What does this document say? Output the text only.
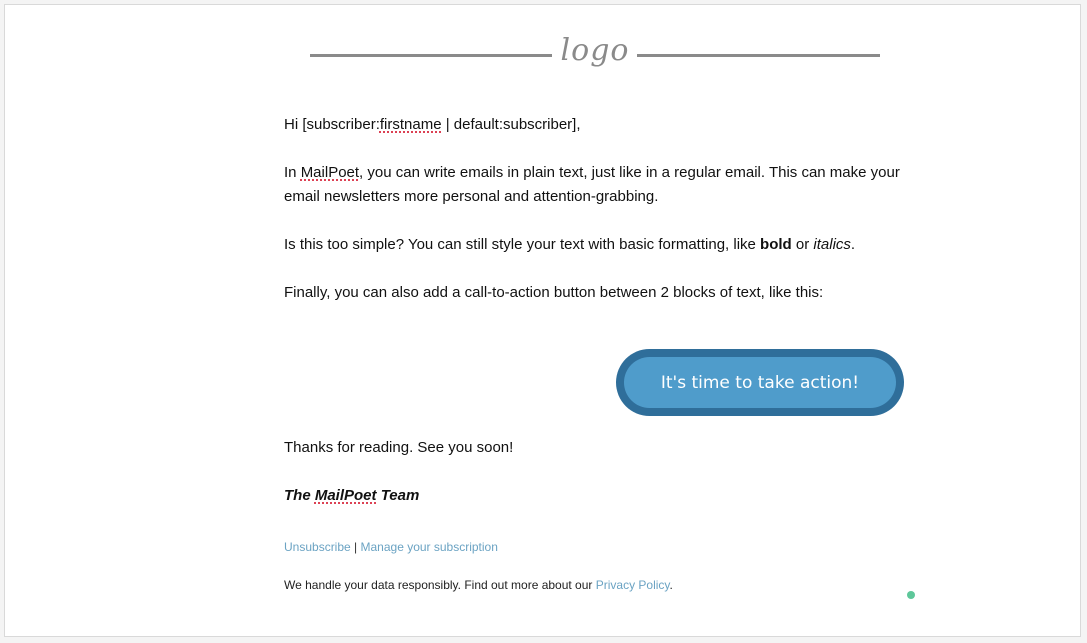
logo

Hi [subscriber:firstname | default:subscriber],

In MailPoet, you can write emails in plain text, just like in a regular email. This can make your email newsletters more personal and attention-grabbing.

Is this too simple? You can still style your text with basic formatting, like bold or italics.

Finally, you can also add a call-to-action button between 2 blocks of text, like this:

Thanks for reading. See you soon!

The MailPoet Team

It's time to take action!
Unsubscribe | Manage your subscription
We handle your data responsibly. Find out more about our Privacy Policy.
